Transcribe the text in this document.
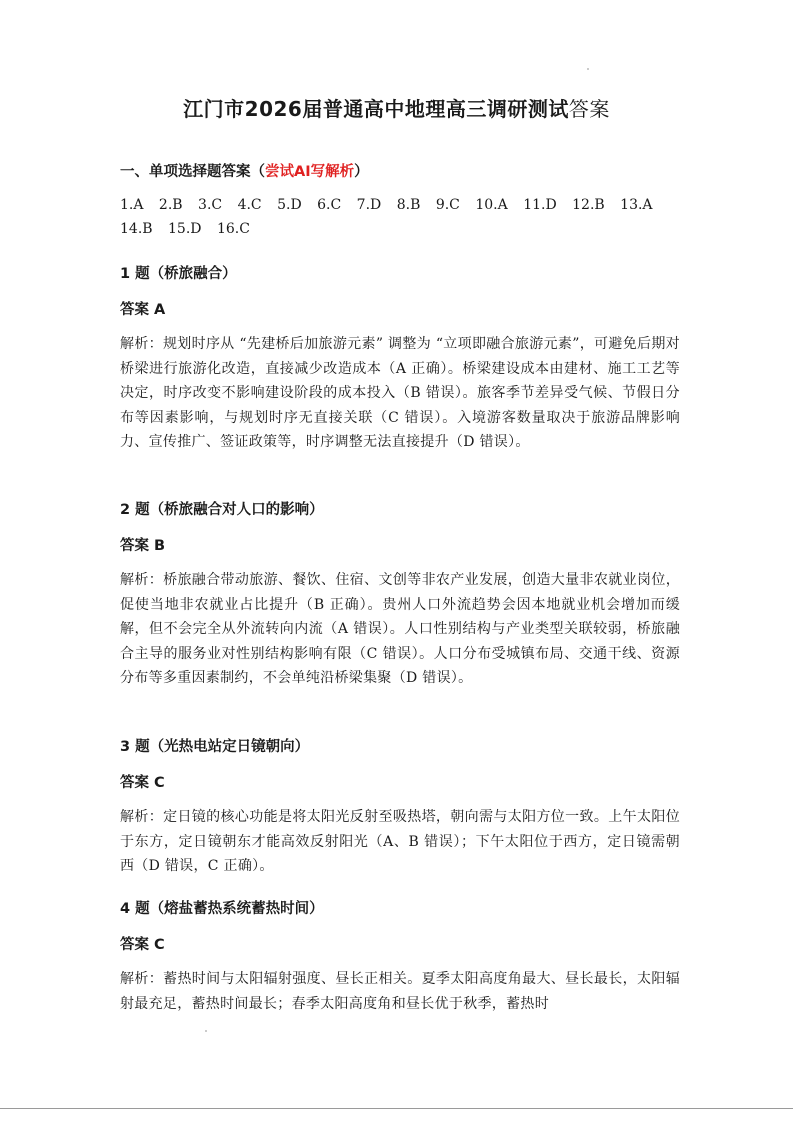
江门市2026届普通高中地理高三调研测试答案
一、单项选择题答案（尝试AI写解析）
1.A 2.B 3.C 4.C 5.D 6.C 7.D 8.B 9.C 10.A 11.D 12.B 13.A 14.B 15.D 16.C
1 题（桥旅融合）
答案 A
解析：规划时序从 “先建桥后加旅游元素” 调整为 “立项即融合旅游元素”，可避免后期对桥梁进行旅游化改造，直接减少改造成本（A 正确）。桥梁建设成本由建材、施工工艺等决定，时序改变不影响建设阶段的成本投入（B 错误）。旅客季节差异受气候、节假日分布等因素影响，与规划时序无直接关联（C 错误）。入境游客数量取决于旅游品牌影响力、宣传推广、签证政策等，时序调整无法直接提升（D 错误）。
2 题（桥旅融合对人口的影响）
答案 B
解析：桥旅融合带动旅游、餐饮、住宿、文创等非农产业发展，创造大量非农就业岗位，促使当地非农就业占比提升（B 正确）。贵州人口外流趋势会因本地就业机会增加而缓解，但不会完全从外流转向内流（A 错误）。人口性别结构与产业类型关联较弱，桥旅融合主导的服务业对性别结构影响有限（C 错误）。人口分布受城镇布局、交通干线、资源分布等多重因素制约，不会单纯沿桥梁集聚（D 错误）。
3 题（光热电站定日镜朝向）
答案 C
解析：定日镜的核心功能是将太阳光反射至吸热塔，朝向需与太阳方位一致。上午太阳位于东方，定日镜朝东才能高效反射阳光（A、B 错误）；下午太阳位于西方，定日镜需朝西（D 错误，C 正确）。
4 题（熔盐蓄热系统蓄热时间）
答案 C
解析：蓄热时间与太阳辐射强度、昼长正相关。夏季太阳高度角最大、昼长最长，太阳辐射最充足，蓄热时间最长；春季太阳高度角和昼长优于秋季，蓄热时
